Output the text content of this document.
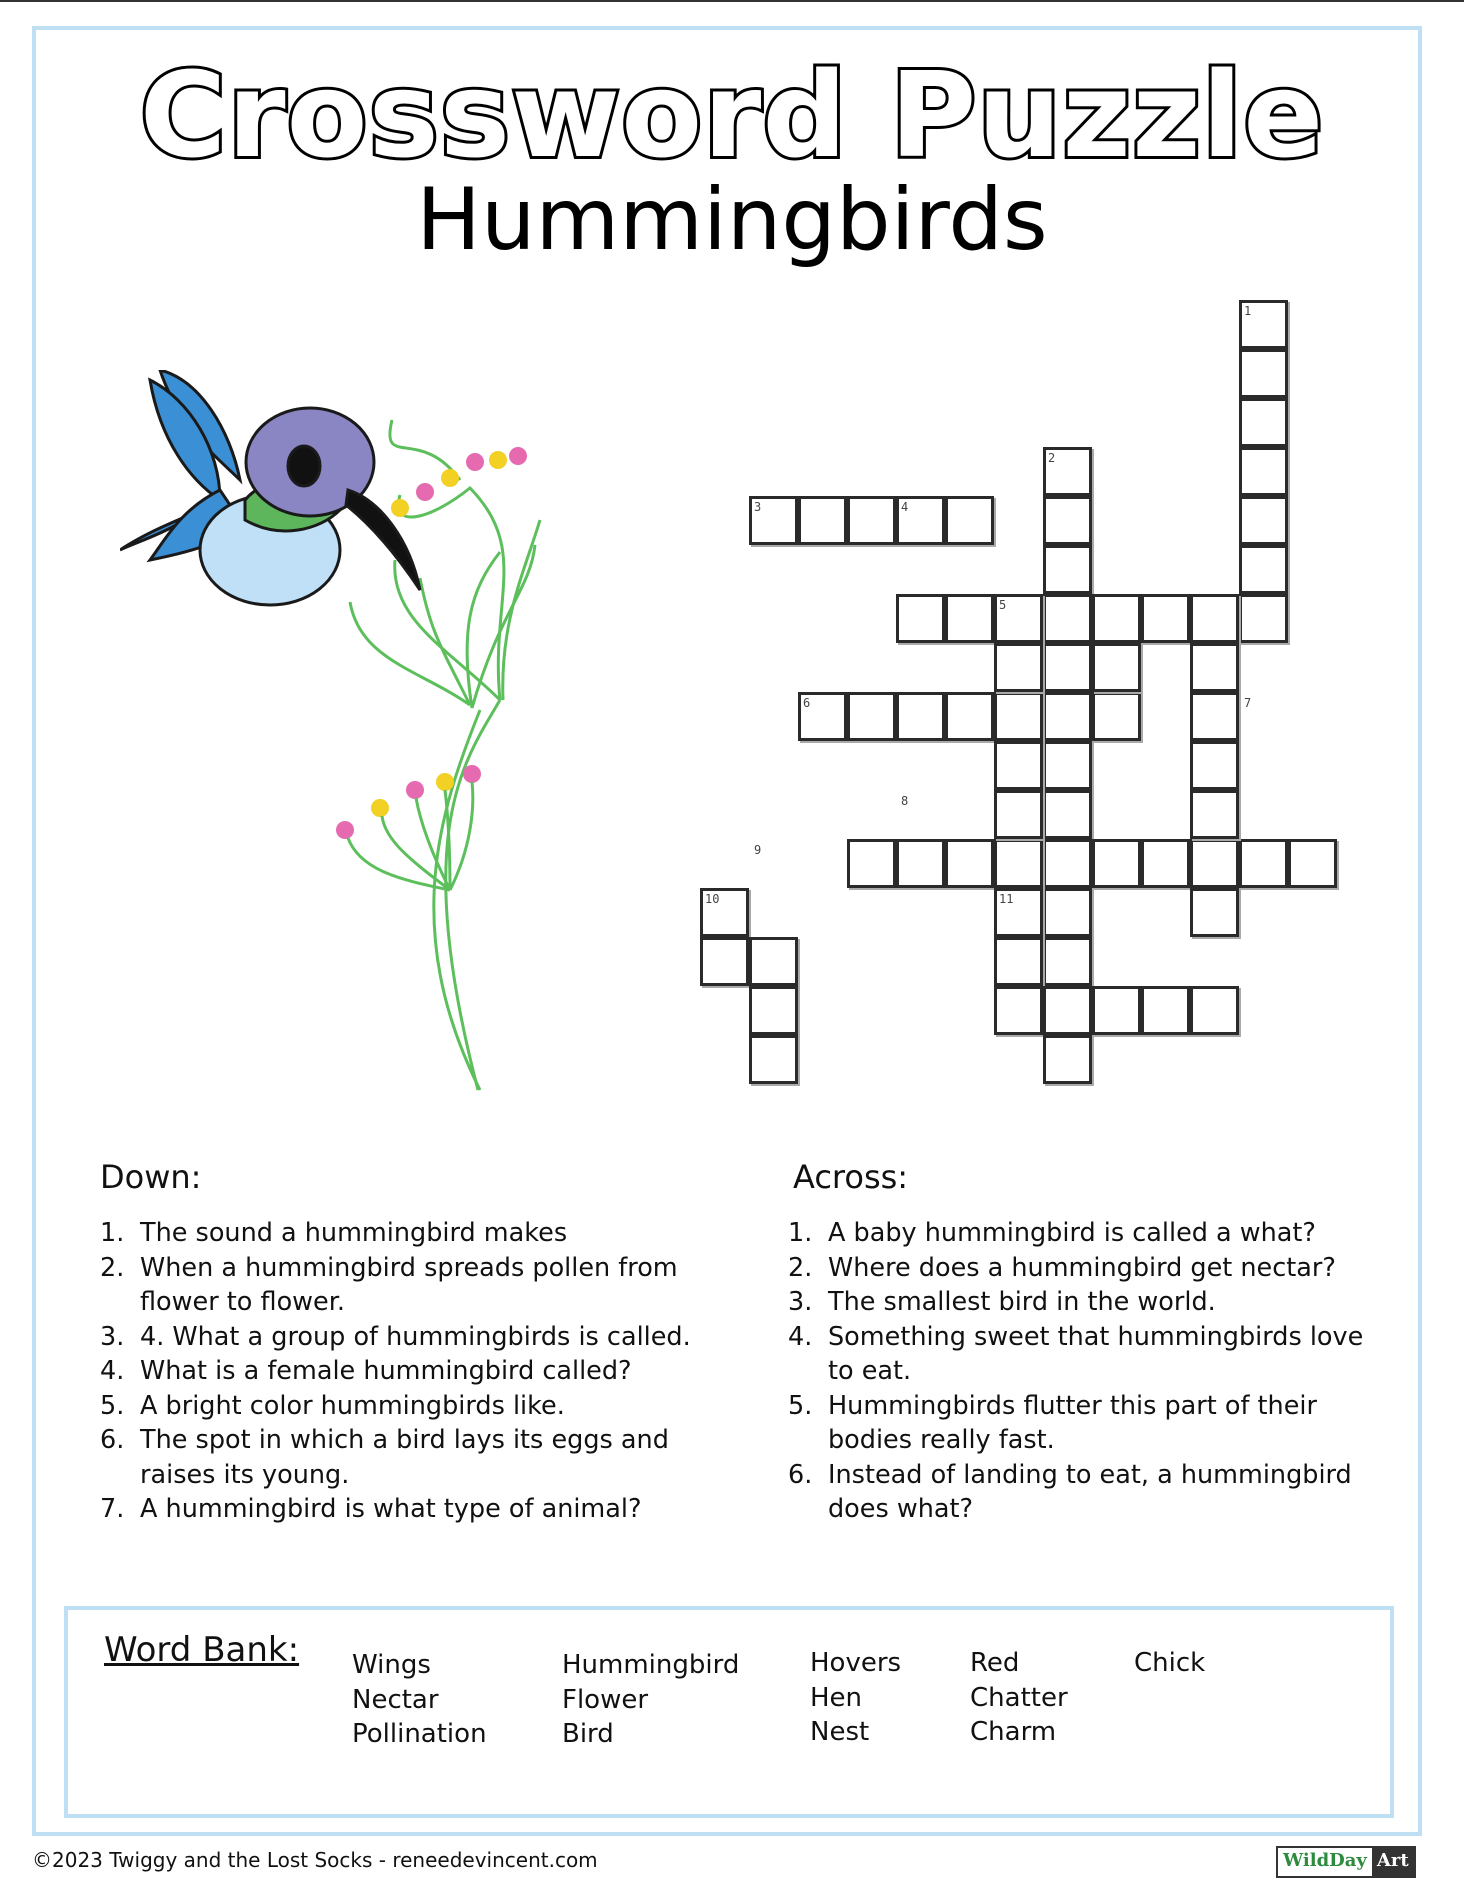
Crossword Puzzle
Hummingbirds
1
2
3	4
5
6	7
8
9
10	11
Down:
1. The sound a hummingbird makes
2. When a hummingbird spreads pollen from flower to flower.
3. 4. What a group of hummingbirds is called.
4. What is a female hummingbird called?
5. A bright color hummingbirds like.
6. The spot in which a bird lays its eggs and raises its young.
7. A hummingbird is what type of animal?
Across:
1. A baby hummingbird is called a what?
2. Where does a hummingbird get nectar?
3. The smallest bird in the world.
4. Something sweet that hummingbirds love to eat.
5. Hummingbirds flutter this part of their bodies really fast.
6. Instead of landing to eat, a hummingbird does what?
Word Bank: Wings
Nectar
Pollination
Hummingbird
Flower
Bird
Hovers
Hen
Nest
Red
Chatter
Charm
Chick
©2023 Twiggy and the Lost Socks - reneedevincent.com	WildDay Art
